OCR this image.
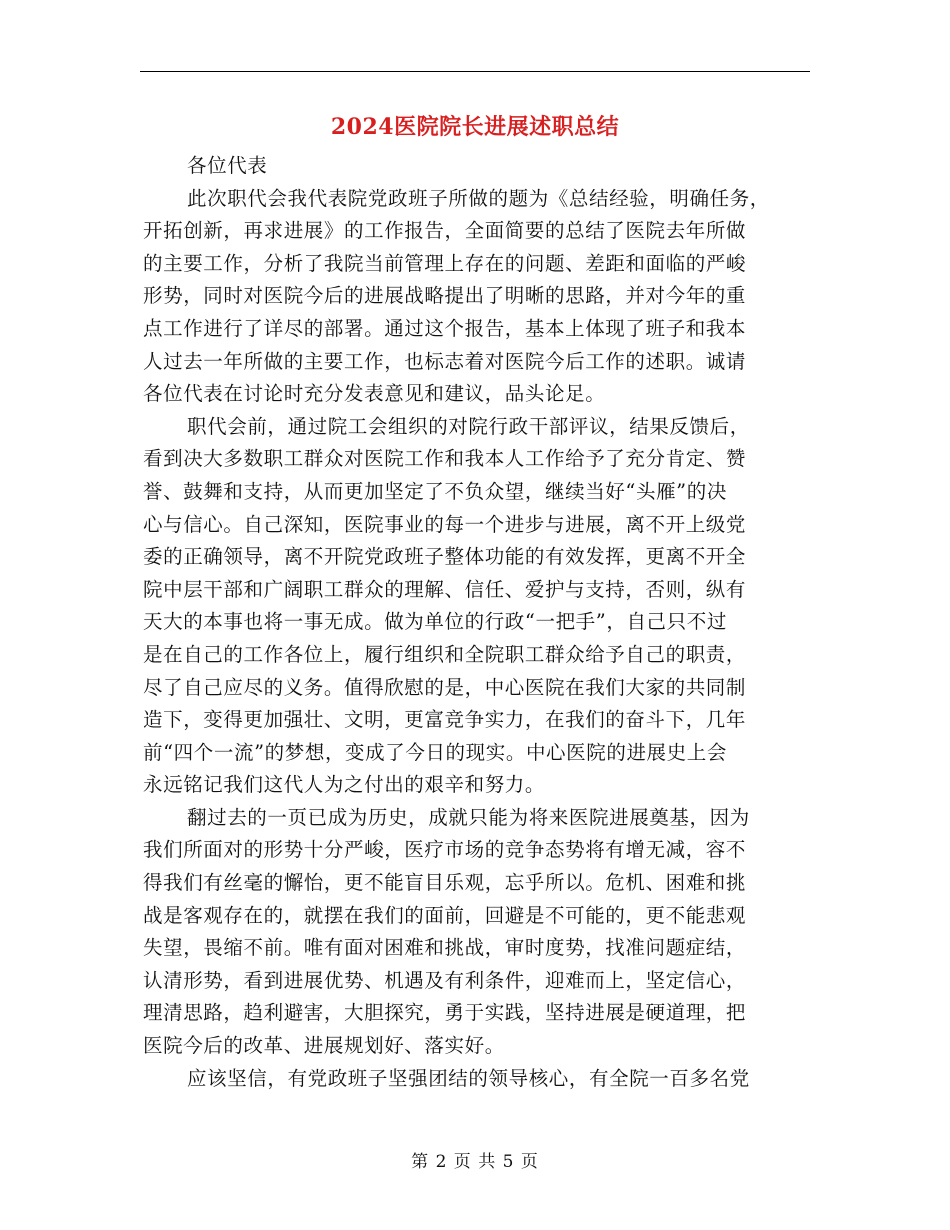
2024医院院长进展述职总结
各位代表
此次职代会我代表院党政班子所做的题为《总结经验，明确任务，
开拓创新，再求进展》的工作报告，全面简要的总结了医院去年所做
的主要工作，分析了我院当前管理上存在的问题、差距和面临的严峻
形势，同时对医院今后的进展战略提出了明晰的思路，并对今年的重
点工作进行了详尽的部署。通过这个报告，基本上体现了班子和我本
人过去一年所做的主要工作，也标志着对医院今后工作的述职。诚请
各位代表在讨论时充分发表意见和建议，品头论足。
职代会前，通过院工会组织的对院行政干部评议，结果反馈后，
看到决大多数职工群众对医院工作和我本人工作给予了充分肯定、赞
誉、鼓舞和支持，从而更加坚定了不负众望，继续当好“头雁”的决
心与信心。自己深知，医院事业的每一个进步与进展，离不开上级党
委的正确领导，离不开院党政班子整体功能的有效发挥，更离不开全
院中层干部和广阔职工群众的理解、信任、爱护与支持，否则，纵有
天大的本事也将一事无成。做为单位的行政“一把手”，自己只不过
是在自己的工作各位上，履行组织和全院职工群众给予自己的职责，
尽了自己应尽的义务。值得欣慰的是，中心医院在我们大家的共同制
造下，变得更加强壮、文明，更富竞争实力，在我们的奋斗下，几年
前“四个一流”的梦想，变成了今日的现实。中心医院的进展史上会
永远铭记我们这代人为之付出的艰辛和努力。
翻过去的一页已成为历史，成就只能为将来医院进展奠基，因为
我们所面对的形势十分严峻，医疗市场的竞争态势将有增无减，容不
得我们有丝毫的懈怡，更不能盲目乐观，忘乎所以。危机、困难和挑
战是客观存在的，就摆在我们的面前，回避是不可能的，更不能悲观
失望，畏缩不前。唯有面对困难和挑战，审时度势，找准问题症结，
认清形势，看到进展优势、机遇及有利条件，迎难而上，坚定信心，
理清思路，趋利避害，大胆探究，勇于实践，坚持进展是硬道理，把
医院今后的改革、进展规划好、落实好。
应该坚信，有党政班子坚强团结的领导核心，有全院一百多名党
第 2 页 共 5 页
